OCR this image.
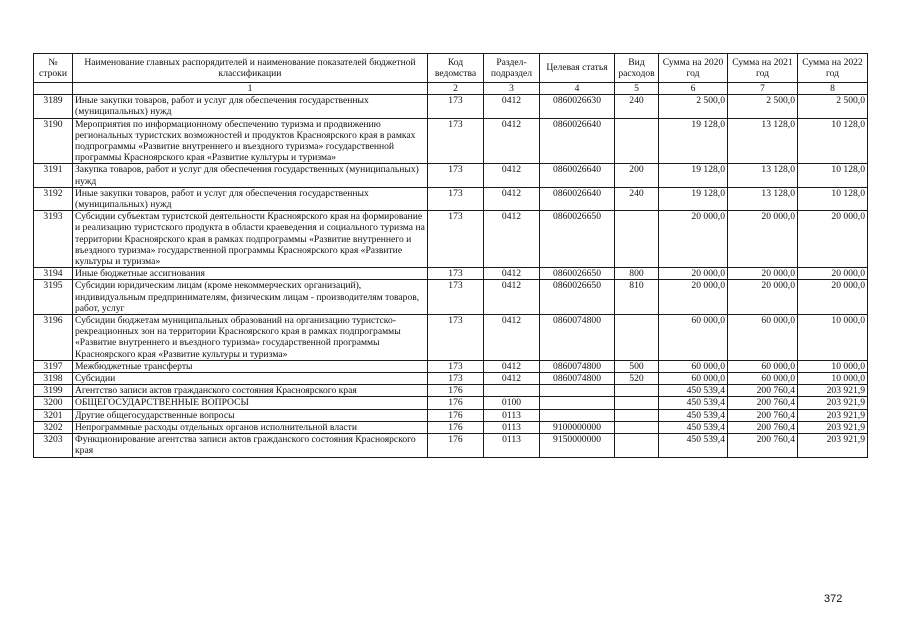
№ строки	Наименование главных распорядителей и наименование показателей бюджетной классификации	Код ведомства	Раздел-подраздел	Целевая статья	Вид расходов	Сумма на 2020 год	Сумма на 2021 год	Сумма на 2022 год
	1	2	3	4	5	6	7	8
3189	Иные закупки товаров, работ и услуг для обеспечения государственных (муниципальных) нужд	173	0412	0860026630	240	2 500,0	2 500,0	2 500,0
3190	Мероприятия по информационному обеспечению туризма и продвижению региональных туристских возможностей и продуктов Красноярского края в рамках подпрограммы «Развитие внутреннего и въездного туризма» государственной программы Красноярского края «Развитие культуры и туризма»	173	0412	0860026640		19 128,0	13 128,0	10 128,0
3191	Закупка товаров, работ и услуг для обеспечения государственных (муниципальных) нужд	173	0412	0860026640	200	19 128,0	13 128,0	10 128,0
3192	Иные закупки товаров, работ и услуг для обеспечения государственных (муниципальных) нужд	173	0412	0860026640	240	19 128,0	13 128,0	10 128,0
3193	Субсидии субъектам туристской деятельности Красноярского края на формирование и реализацию туристского продукта в области краеведения и социального туризма на территории Красноярского края в рамках подпрограммы «Развитие внутреннего и въездного туризма» государственной программы Красноярского края «Развитие культуры и туризма»	173	0412	0860026650		20 000,0	20 000,0	20 000,0
3194	Иные бюджетные ассигнования	173	0412	0860026650	800	20 000,0	20 000,0	20 000,0
3195	Субсидии юридическим лицам (кроме некоммерческих организаций), индивидуальным предпринимателям, физическим лицам - производителям товаров, работ, услуг	173	0412	0860026650	810	20 000,0	20 000,0	20 000,0
3196	Субсидии бюджетам муниципальных образований на организацию туристско-рекреационных зон на территории Красноярского края в рамках подпрограммы «Развитие внутреннего и въездного туризма» государственной программы Красноярского края «Развитие культуры и туризма»	173	0412	0860074800		60 000,0	60 000,0	10 000,0
3197	Межбюджетные трансферты	173	0412	0860074800	500	60 000,0	60 000,0	10 000,0
3198	Субсидии	173	0412	0860074800	520	60 000,0	60 000,0	10 000,0
3199	Агентство записи актов гражданского состояния Красноярского края	176				450 539,4	200 760,4	203 921,9
3200	ОБЩЕГОСУДАРСТВЕННЫЕ ВОПРОСЫ	176	0100			450 539,4	200 760,4	203 921,9
3201	Другие общегосударственные вопросы	176	0113			450 539,4	200 760,4	203 921,9
3202	Непрограммные расходы отдельных органов исполнительной власти	176	0113	9100000000		450 539,4	200 760,4	203 921,9
3203	Функционирование агентства записи актов гражданского состояния Красноярского края	176	0113	9150000000		450 539,4	200 760,4	203 921,9
372
